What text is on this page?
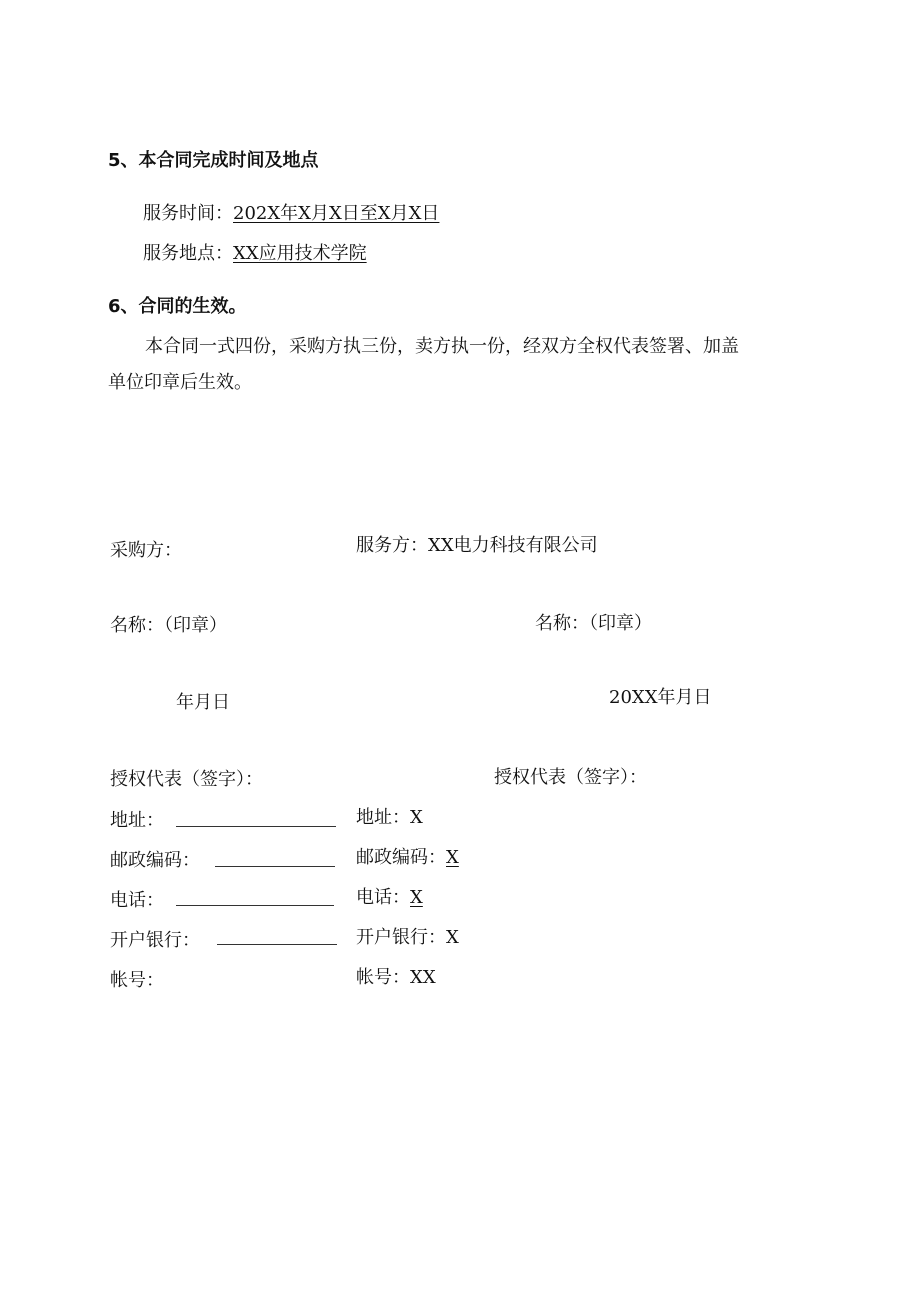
5、本合同完成时间及地点
服务时间：202X年X月X日至X月X日
服务地点：XX应用技术学院
6、合同的生效。
本合同一式四份，采购方执三份，卖方执一份，经双方全权代表签署、加盖
单位印章后生效。
采购方：
名称：（印章）
年月日
授权代表（签字）：
地址：
邮政编码：
电话：
开户银行：
帐号：
服务方：XX电力科技有限公司
名称：（印章）
20XX年月日
授权代表（签字）：
地址：X
邮政编码：X
电话：X
开户银行：X
帐号：XX
